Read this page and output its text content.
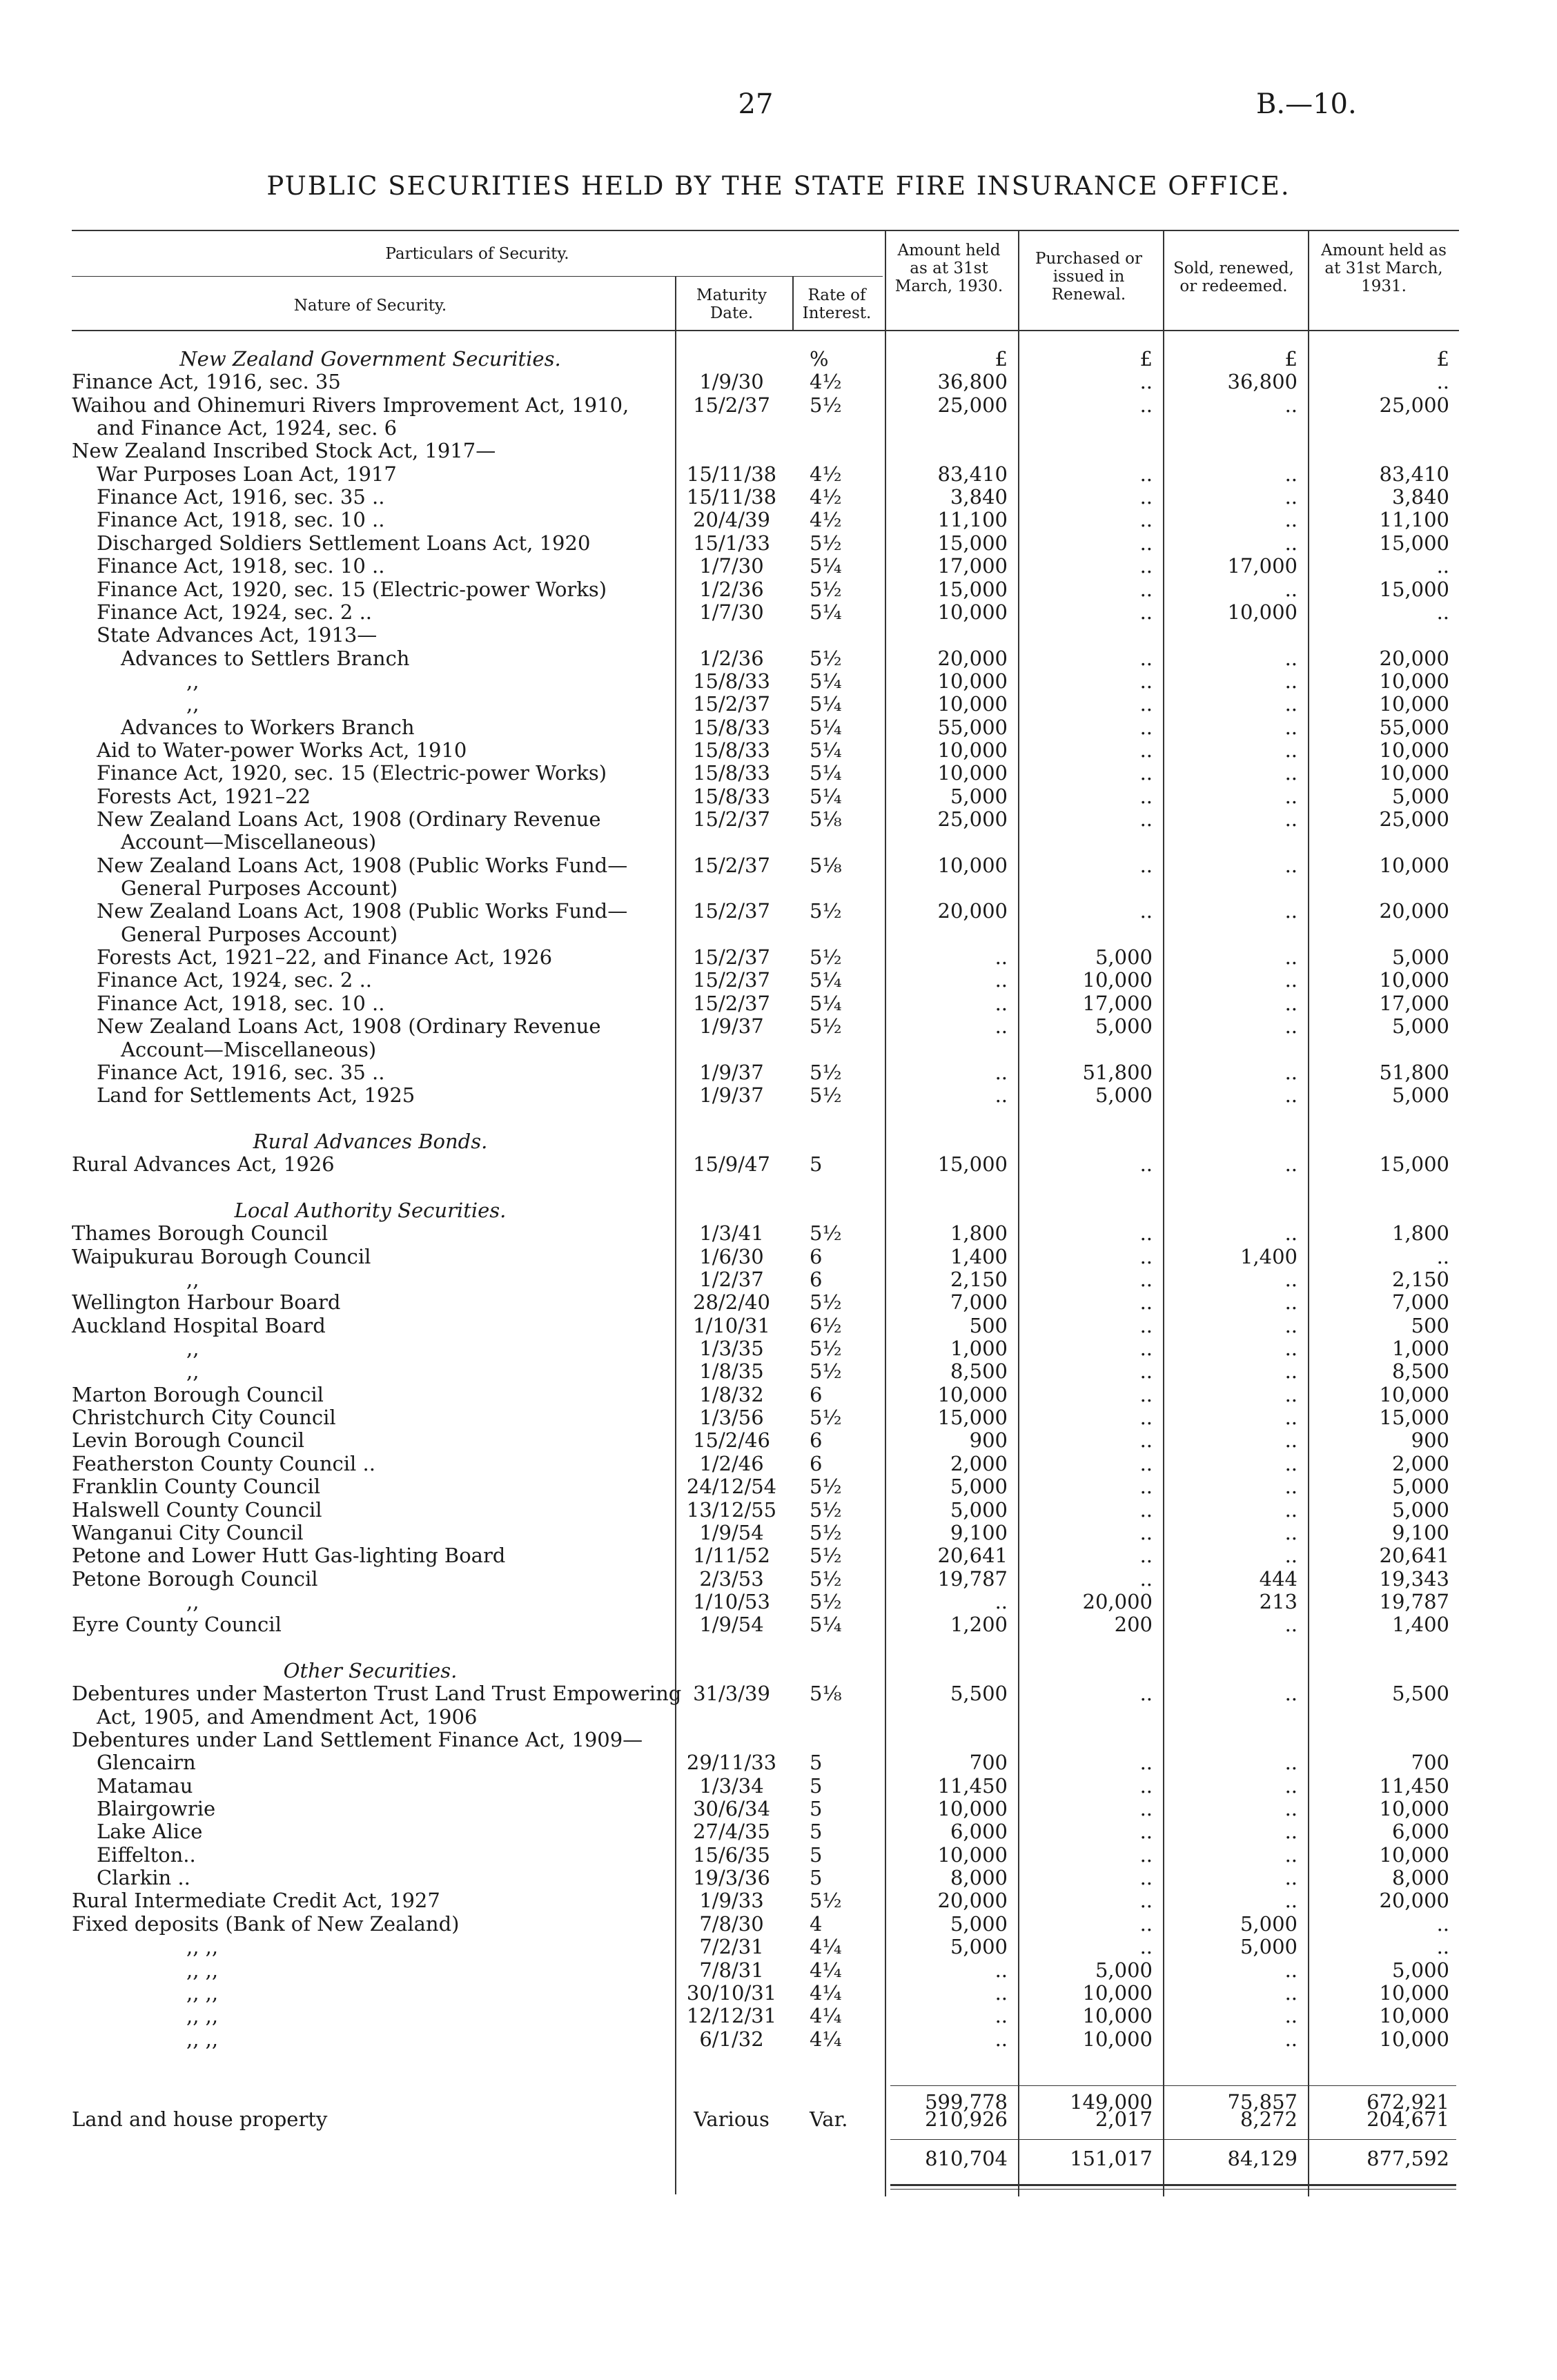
27	B.—10.
PUBLIC SECURITIES HELD BY THE STATE FIRE INSURANCE OFFICE.
Particulars of Security.
Nature of Security.
Maturity Date.
Rate of Interest.
Amount held as at 31st March, 1930.
Purchased or issued in Renewal.
Sold, renewed, or redeemed.
Amount held as at 31st March, 1931.
New Zealand Government Securities.	%	£	£	£	£
Finance Act, 1916, sec. 35	1/9/30	4½	36,800	..	36,800	..
Waihou and Ohinemuri Rivers Improvement Act, 1910,	15/2/37	5½	25,000	..	..	25,000
and Finance Act, 1924, sec. 6
New Zealand Inscribed Stock Act, 1917—
War Purposes Loan Act, 1917	15/11/38	4½	83,410	..	..	83,410
Finance Act, 1916, sec. 35 ..	15/11/38	4½	3,840	..	..	3,840
Finance Act, 1918, sec. 10 ..	20/4/39	4½	11,100	..	..	11,100
Discharged Soldiers Settlement Loans Act, 1920	15/1/33	5½	15,000	..	..	15,000
Finance Act, 1918, sec. 10 ..	1/7/30	5¼	17,000	..	17,000	..
Finance Act, 1920, sec. 15 (Electric-power Works)	1/2/36	5½	15,000	..	..	15,000
Finance Act, 1924, sec. 2 ..	1/7/30	5¼	10,000	..	10,000	..
State Advances Act, 1913—
Advances to Settlers Branch	1/2/36	5½	20,000	..	..	20,000
,,	15/8/33	5¼	10,000	..	..	10,000
,,	15/2/37	5¼	10,000	..	..	10,000
Advances to Workers Branch	15/8/33	5¼	55,000	..	..	55,000
Aid to Water-power Works Act, 1910	15/8/33	5¼	10,000	..	..	10,000
Finance Act, 1920, sec. 15 (Electric-power Works)	15/8/33	5¼	10,000	..	..	10,000
Forests Act, 1921–22	15/8/33	5¼	5,000	..	..	5,000
New Zealand Loans Act, 1908 (Ordinary Revenue	15/2/37	5⅛	25,000	..	..	25,000
Account—Miscellaneous)
New Zealand Loans Act, 1908 (Public Works Fund—	15/2/37	5⅛	10,000	..	..	10,000
General Purposes Account)
New Zealand Loans Act, 1908 (Public Works Fund—	15/2/37	5½	20,000	..	..	20,000
General Purposes Account)
Forests Act, 1921–22, and Finance Act, 1926	15/2/37	5½	..	5,000	..	5,000
Finance Act, 1924, sec. 2 ..	15/2/37	5¼	..	10,000	..	10,000
Finance Act, 1918, sec. 10 ..	15/2/37	5¼	..	17,000	..	17,000
New Zealand Loans Act, 1908 (Ordinary Revenue	1/9/37	5½	..	5,000	..	5,000
Account—Miscellaneous)
Finance Act, 1916, sec. 35 ..	1/9/37	5½	..	51,800	..	51,800
Land for Settlements Act, 1925	1/9/37	5½	..	5,000	..	5,000
Rural Advances Bonds.
Rural Advances Act, 1926	15/9/47	5	15,000	..	..	15,000
Local Authority Securities.
Thames Borough Council	1/3/41	5½	1,800	..	..	1,800
Waipukurau Borough Council	1/6/30	6	1,400	..	1,400	..
,,	1/2/37	6	2,150	..	..	2,150
Wellington Harbour Board	28/2/40	5½	7,000	..	..	7,000
Auckland Hospital Board	1/10/31	6½	500	..	..	500
,,	1/3/35	5½	1,000	..	..	1,000
,,	1/8/35	5½	8,500	..	..	8,500
Marton Borough Council	1/8/32	6	10,000	..	..	10,000
Christchurch City Council	1/3/56	5½	15,000	..	..	15,000
Levin Borough Council	15/2/46	6	900	..	..	900
Featherston County Council ..	1/2/46	6	2,000	..	..	2,000
Franklin County Council	24/12/54	5½	5,000	..	..	5,000
Halswell County Council	13/12/55	5½	5,000	..	..	5,000
Wanganui City Council	1/9/54	5½	9,100	..	..	9,100
Petone and Lower Hutt Gas-lighting Board	1/11/52	5½	20,641	..	..	20,641
Petone Borough Council	2/3/53	5½	19,787	..	444	19,343
,,	1/10/53	5½	..	20,000	213	19,787
Eyre County Council	1/9/54	5¼	1,200	200	..	1,400
Other Securities.
Debentures under Masterton Trust Land Trust Empowering 31/3/39	5⅛	5,500	..	..	5,500
Act, 1905, and Amendment Act, 1906
Debentures under Land Settlement Finance Act, 1909—
Glencairn	29/11/33	5	700	..	..	700
Matamau	1/3/34	5	11,450	..	..	11,450
Blairgowrie	30/6/34	5	10,000	..	..	10,000
Lake Alice	27/4/35	5	6,000	..	..	6,000
Eiffelton..	15/6/35	5	10,000	..	..	10,000
Clarkin ..	19/3/36	5	8,000	..	..	8,000
Rural Intermediate Credit Act, 1927	1/9/33	5½	20,000	..	..	20,000
Fixed deposits (Bank of New Zealand)	7/8/30	4	5,000	..	5,000	..
,, ,,	7/2/31	4¼	5,000	..	5,000	..
,, ,,	7/8/31	4¼	..	5,000	..	5,000
,, ,,	30/10/31	4¼	..	10,000	..	10,000
,, ,,	12/12/31	4¼	..	10,000	..	10,000
,, ,,	6/1/32	4¼	..	10,000	..	10,000
599,778	149,000	75,857	672,921
Land and house property	Various	Var.	210,926	2,017	8,272	204,671
810,704	151,017	84,129	877,592
